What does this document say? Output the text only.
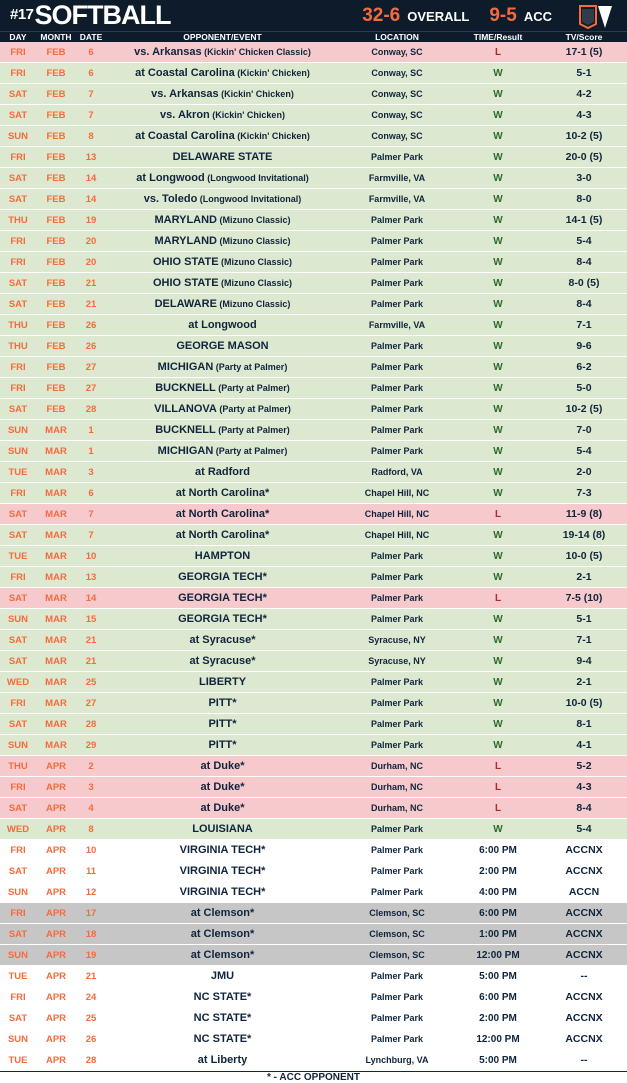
#17 SOFTBALL	32-6 OVERALL 9-5 ACC
DAY	MONTH DATE	OPPONENT/EVENT	LOCATION	TIME/Result	TV/Score
FRI	FEB	6	vs. Arkansas (Kickin' Chicken Classic)	Conway, SC	L	17-1 (5)
FRI	FEB	6	at Coastal Carolina (Kickin' Chicken)	Conway, SC	W	5-1
SAT	FEB	7	vs. Arkansas (Kickin' Chicken)	Conway, SC	W	4-2
SAT	FEB	7	vs. Akron (Kickin' Chicken)	Conway, SC	W	4-3
SUN	FEB	8	at Coastal Carolina (Kickin' Chicken)	Conway, SC	W	10-2 (5)
FRI	FEB	13	DELAWARE STATE	Palmer Park	W	20-0 (5)
SAT	FEB	14	at Longwood (Longwood Invitational)	Farmville, VA	W	3-0
SAT	FEB	14	vs. Toledo (Longwood Invitational)	Farmville, VA	W	8-0
THU	FEB	19	MARYLAND (Mizuno Classic)	Palmer Park	W	14-1 (5)
FRI	FEB	20	MARYLAND (Mizuno Classic)	Palmer Park	W	5-4
FRI	FEB	20	OHIO STATE (Mizuno Classic)	Palmer Park	W	8-4
SAT	FEB	21	OHIO STATE (Mizuno Classic)	Palmer Park	W	8-0 (5)
SAT	FEB	21	DELAWARE (Mizuno Classic)	Palmer Park	W	8-4
THU	FEB	26	at Longwood	Farmville, VA	W	7-1
THU	FEB	26	GEORGE MASON	Palmer Park	W	9-6
FRI	FEB	27	MICHIGAN (Party at Palmer)	Palmer Park	W	6-2
FRI	FEB	27	BUCKNELL (Party at Palmer)	Palmer Park	W	5-0
SAT	FEB	28	VILLANOVA (Party at Palmer)	Palmer Park	W	10-2 (5)
SUN	MAR	1	BUCKNELL (Party at Palmer)	Palmer Park	W	7-0
SUN	MAR	1	MICHIGAN (Party at Palmer)	Palmer Park	W	5-4
TUE	MAR	3	at Radford	Radford, VA	W	2-0
FRI	MAR	6	at North Carolina*	Chapel Hill, NC	W	7-3
SAT	MAR	7	at North Carolina*	Chapel Hill, NC	L	11-9 (8)
SAT	MAR	7	at North Carolina*	Chapel Hill, NC	W	19-14 (8)
TUE	MAR	10	HAMPTON	Palmer Park	W	10-0 (5)
FRI	MAR	13	GEORGIA TECH*	Palmer Park	W	2-1
SAT	MAR	14	GEORGIA TECH*	Palmer Park	L	7-5 (10)
SUN	MAR	15	GEORGIA TECH*	Palmer Park	W	5-1
SAT	MAR	21	at Syracuse*	Syracuse, NY	W	7-1
SAT	MAR	21	at Syracuse*	Syracuse, NY	W	9-4
WED	MAR	25	LIBERTY	Palmer Park	W	2-1
FRI	MAR	27	PITT*	Palmer Park	W	10-0 (5)
SAT	MAR	28	PITT*	Palmer Park	W	8-1
SUN	MAR	29	PITT*	Palmer Park	W	4-1
THU	APR	2	at Duke*	Durham, NC	L	5-2
FRI	APR	3	at Duke*	Durham, NC	L	4-3
SAT	APR	4	at Duke*	Durham, NC	L	8-4
WED	APR	8	LOUISIANA	Palmer Park	W	5-4
FRI	APR	10	VIRGINIA TECH*	Palmer Park	6:00 PM	ACCNX
SAT	APR	11	VIRGINIA TECH*	Palmer Park	2:00 PM	ACCNX
SUN	APR	12	VIRGINIA TECH*	Palmer Park	4:00 PM	ACCN
FRI	APR	17	at Clemson*	Clemson, SC	6:00 PM	ACCNX
SAT	APR	18	at Clemson*	Clemson, SC	1:00 PM	ACCNX
SUN	APR	19	at Clemson*	Clemson, SC	12:00 PM	ACCNX
TUE	APR	21	JMU	Palmer Park	5:00 PM	--
FRI	APR	24	NC STATE*	Palmer Park	6:00 PM	ACCNX
SAT	APR	25	NC STATE*	Palmer Park	2:00 PM	ACCNX
SUN	APR	26	NC STATE*	Palmer Park	12:00 PM	ACCNX
TUE	APR	28	at Liberty	Lynchburg, VA	5:00 PM	--
* - ACC OPPONENT
